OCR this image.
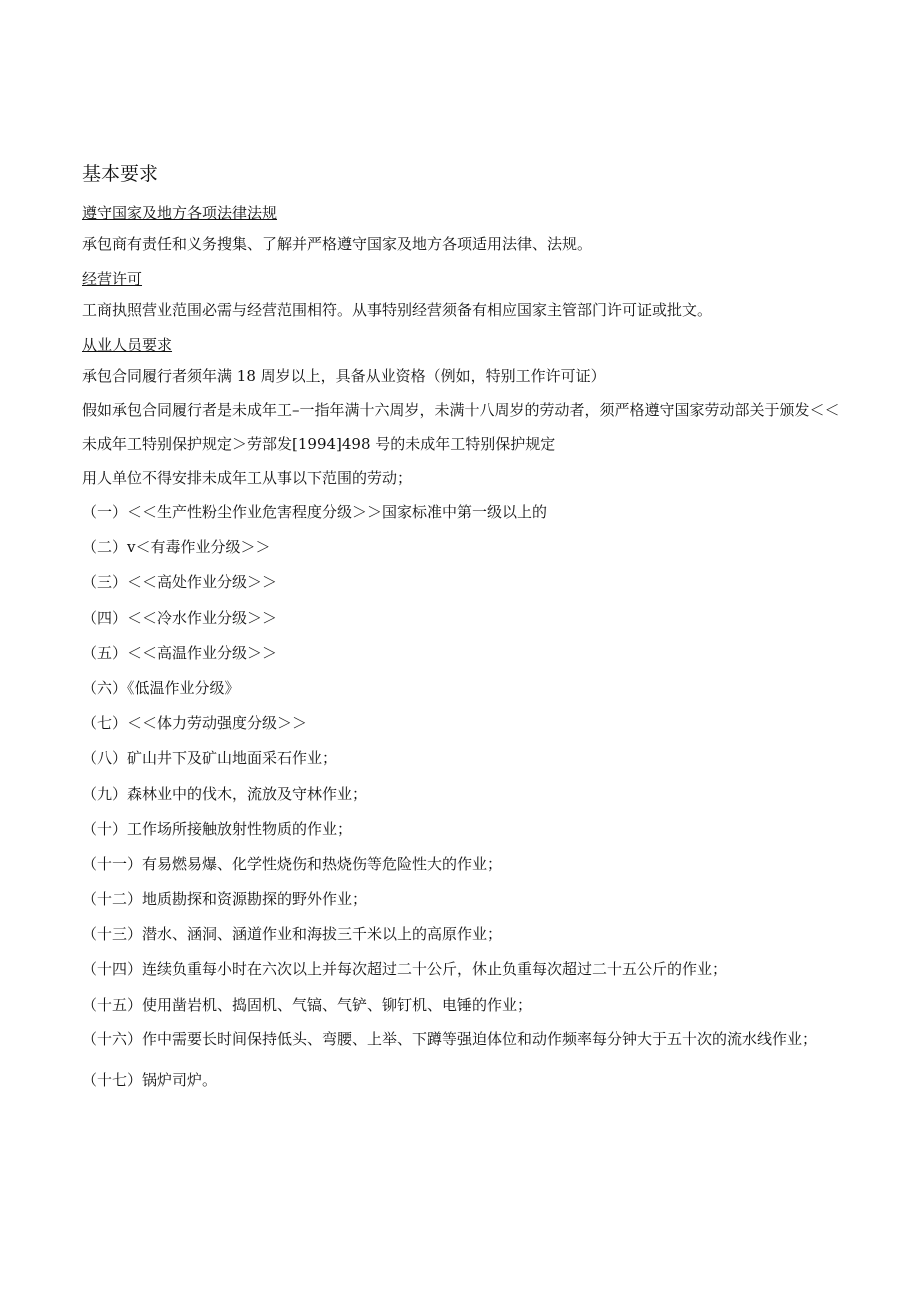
基本要求
遵守国家及地方各项法律法规
承包商有责任和义务搜集、了解并严格遵守国家及地方各项适用法律、法规。
经营许可
工商执照营业范围必需与经营范围相符。从事特别经营须备有相应国家主管部门许可证或批文。
从业人员要求
承包合同履行者须年满 18 周岁以上，具备从业资格（例如，特别工作许可证）
假如承包合同履行者是未成年工–一指年满十六周岁，未满十八周岁的劳动者，须严格遵守国家劳动部关于颁发＜＜未成年工特别保护规定＞劳部发[1994]498 号的未成年工特别保护规定
用人单位不得安排未成年工从事以下范围的劳动；
（一）＜＜生产性粉尘作业危害程度分级＞＞国家标准中第一级以上的
（二）v＜有毒作业分级＞＞
（三）＜＜高处作业分级＞＞
（四）＜＜冷水作业分级＞＞
（五）＜＜高温作业分级＞＞
（六）《低温作业分级》
（七）＜＜体力劳动强度分级＞＞
（八）矿山井下及矿山地面采石作业；
（九）森林业中的伐木，流放及守林作业；
（十）工作场所接触放射性物质的作业；
（十一）有易燃易爆、化学性烧伤和热烧伤等危险性大的作业；
（十二）地质勘探和资源勘探的野外作业；
（十三）潜水、涵洞、涵道作业和海拔三千米以上的高原作业；
（十四）连续负重每小时在六次以上并每次超过二十公斤，休止负重每次超过二十五公斤的作业；
（十五）使用凿岩机、捣固机、气镐、气铲、铆钉机、电锤的作业；
（十六）作中需要长时间保持低头、弯腰、上举、下蹲等强迫体位和动作频率每分钟大于五十次的流水线作业；
（十七）锅炉司炉。
